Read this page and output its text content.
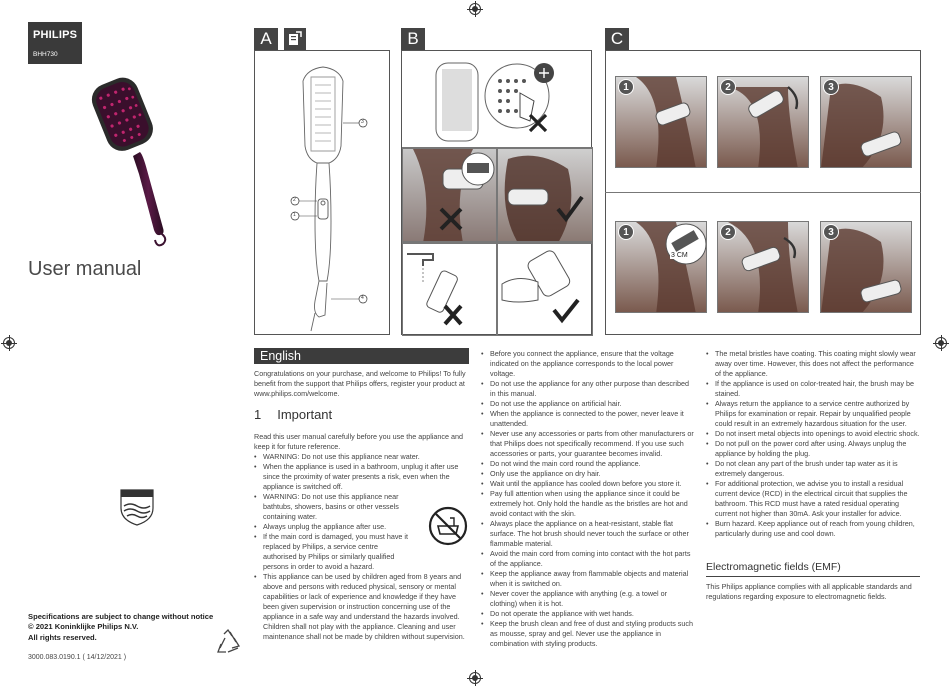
PHILIPS
BHH730
User manual
PHILIPS
Specifications are subject to change without notice
© 2021 Koninklijke Philips N.V.
All rights reserved.
3000.083.0190.1 ( 14/12/2021 )
A
3
2
1
4
B	C
1	2	3
1
3 CM
2	3
English
Congratulations on your purchase, and welcome to Philips! To fully benefit from the support that Philips offers, register your product at www.philips.com/welcome.
1 Important
Read this user manual carefully before you use the appliance and keep it for future reference.
• WARNING: Do not use this appliance near water.
• When the appliance is used in a bathroom, unplug it after use since the proximity of water presents a risk, even when the appliance is switched off.
• WARNING: Do not use this appliance near bathtubs, showers, basins or other vessels containing water.
• Always unplug the appliance after use.
• If the main cord is damaged, you must have it replaced by Philips, a service centre authorised by Philips or similarly qualified persons in order to avoid a hazard.
• This appliance can be used by children aged from 8 years and above and persons with reduced physical, sensory or mental capabilities or lack of experience and knowledge if they have been given supervision or instruction concerning use of the appliance in a safe way and understand the hazards involved. Children shall not play with the appliance. Cleaning and user maintenance shall not be made by children without supervision.
• Before you connect the appliance, ensure that the voltage indicated on the appliance corresponds to the local power voltage.
• Do not use the appliance for any other purpose than described in this manual.
• Do not use the appliance on artificial hair.
• When the appliance is connected to the power, never leave it unattended.
• Never use any accessories or parts from other manufacturers or that Philips does not specifically recommend. If you use such accessories or parts, your guarantee becomes invalid.
• Do not wind the main cord round the appliance.
• Only use the appliance on dry hair.
• Wait until the appliance has cooled down before you store it.
• Pay full attention when using the appliance since it could be extremely hot. Only hold the handle as the bristles are hot and avoid contact with the skin.
• Always place the appliance on a heat-resistant, stable flat surface. The hot brush should never touch the surface or other flammable material.
• Avoid the main cord from coming into contact with the hot parts of the appliance.
• Keep the appliance away from flammable objects and material when it is switched on.
• Never cover the appliance with anything (e.g. a towel or clothing) when it is hot.
• Do not operate the appliance with wet hands.
• Keep the brush clean and free of dust and styling products such as mousse, spray and gel. Never use the appliance in combination with styling products.
• The metal bristles have coating. This coating might slowly wear away over time. However, this does not affect the performance of the appliance.
• If the appliance is used on color-treated hair, the brush may be stained.
• Always return the appliance to a service centre authorized by Philips for examination or repair. Repair by unqualified people could result in an extremely hazardous situation for the user.
• Do not insert metal objects into openings to avoid electric shock.
• Do not pull on the power cord after using. Always unplug the appliance by holding the plug.
• Do not clean any part of the brush under tap water as it is extremely dangerous.
• For additional protection, we advise you to install a residual current device (RCD) in the electrical circuit that supplies the bathroom. This RCD must have a rated residual operating current not higher than 30mA. Ask your installer for advice.
• Burn hazard. Keep appliance out of reach from young children, particularly during use and cool down.
Electromagnetic fields (EMF)
This Philips appliance complies with all applicable standards and regulations regarding exposure to electromagnetic fields.
